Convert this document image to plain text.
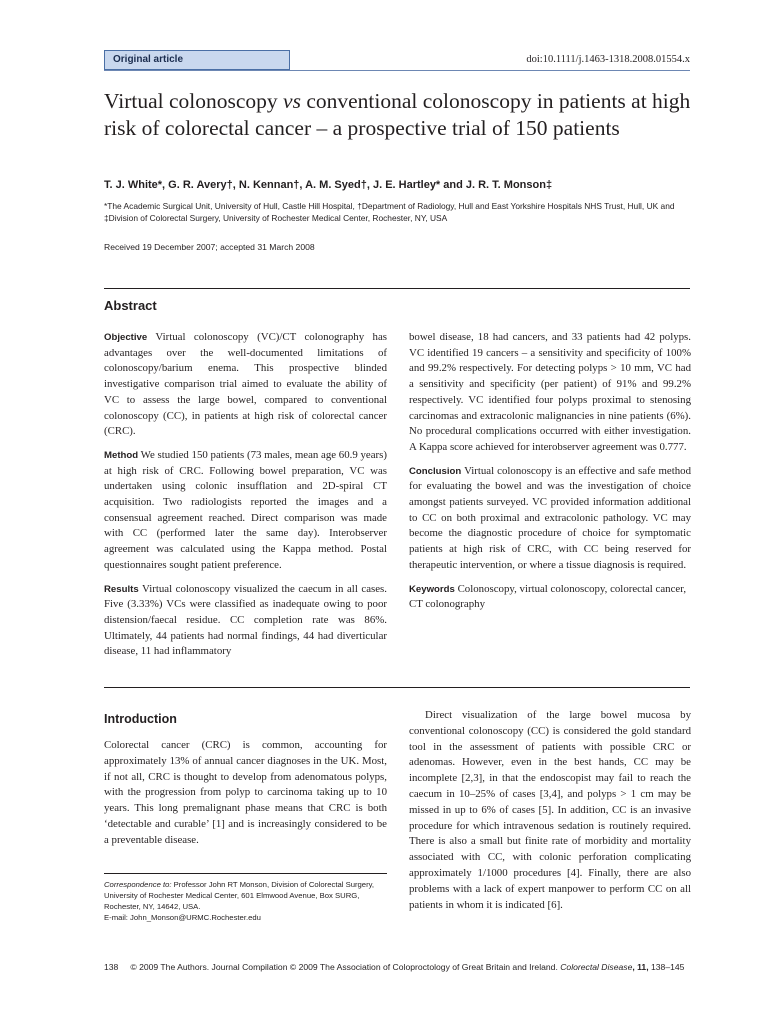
Original article	doi:10.1111/j.1463-1318.2008.01554.x
Virtual colonoscopy vs conventional colonoscopy in patients at high risk of colorectal cancer – a prospective trial of 150 patients
T. J. White*, G. R. Avery†, N. Kennan†, A. M. Syed†, J. E. Hartley* and J. R. T. Monson‡
*The Academic Surgical Unit, University of Hull, Castle Hill Hospital, †Department of Radiology, Hull and East Yorkshire Hospitals NHS Trust, Hull, UK and ‡Division of Colorectal Surgery, University of Rochester Medical Center, Rochester, NY, USA
Received 19 December 2007; accepted 31 March 2008
Abstract

Objective Virtual colonoscopy (VC)/CT colonography has advantages over the well-documented limitations of colonoscopy/barium enema. This prospective blinded investigative comparison trial aimed to evaluate the ability of VC to assess the large bowel, compared to conventional colonoscopy (CC), in patients at high risk of colorectal cancer (CRC).

Method We studied 150 patients (73 males, mean age 60.9 years) at high risk of CRC. Following bowel preparation, VC was undertaken using colonic insufflation and 2D-spiral CT acquisition. Two radiologists reported the images and a consensual agreement reached. Direct comparison was made with CC (performed later the same day). Interobserver agreement was calculated using the Kappa method. Postal questionnaires sought patient preference.

Results Virtual colonoscopy visualized the caecum in all cases. Five (3.33%) VCs were classified as inadequate owing to poor distension/faecal residue. CC completion rate was 86%. Ultimately, 44 patients had normal findings, 44 had diverticular disease, 11 had inflammatory

bowel disease, 18 had cancers, and 33 patients had 42 polyps. VC identified 19 cancers – a sensitivity and specificity of 100% and 99.2% respectively. For detecting polyps > 10 mm, VC had a sensitivity and specificity (per patient) of 91% and 99.2% respectively. VC identified four polyps proximal to stenosing carcinomas and extracolonic malignancies in nine patients (6%). No procedural complications occurred with either investigation. A Kappa score achieved for interobserver agreement was 0.777.

Conclusion Virtual colonoscopy is an effective and safe method for evaluating the bowel and was the investigation of choice amongst patients surveyed. VC provided information additional to CC on both proximal and extracolonic pathology. VC may become the diagnostic procedure of choice for symptomatic patients at high risk of CRC, with CC being reserved for therapeutic intervention, or where a tissue diagnosis is required.

Keywords Colonoscopy, virtual colonoscopy, colorectal cancer, CT colonography

Introduction

Colorectal cancer (CRC) is common, accounting for approximately 13% of annual cancer diagnoses in the UK. Most, if not all, CRC is thought to develop from adenomatous polyps, with the progression from polyp to carcinoma taking up to 10 years. This long premalignant phase means that CRC is both ‘detectable and curable’ [1] and is increasingly considered to be a preventable disease.

Direct visualization of the large bowel mucosa by conventional colonoscopy (CC) is considered the gold standard tool in the assessment of patients with possible CRC or adenomas. However, even in the best hands, CC may be incomplete [2,3], in that the endoscopist may fail to reach the caecum in 10–25% of cases [3,4], and polyps > 1 cm may be missed in up to 6% of cases [5]. In addition, CC is an invasive procedure for which intravenous sedation is routinely required. There is also a small but finite rate of morbidity and mortality associated with CC, with colonic perforation complicating approximately 1/1000 procedures [4]. Finally, there are also problems with a lack of expert manpower to perform CC on all patients in whom it is indicated [6].

Correspondence to: Professor John RT Monson, Division of Colorectal Surgery, University of Rochester Medical Center, 601 Elmwood Avenue, Box SURG, Rochester, NY, 14642, USA.
E-mail: John_Monson@URMC.Rochester.edu
138 © 2009 The Authors. Journal Compilation © 2009 The Association of Coloproctology of Great Britain and Ireland. Colorectal Disease, 11, 138–145
